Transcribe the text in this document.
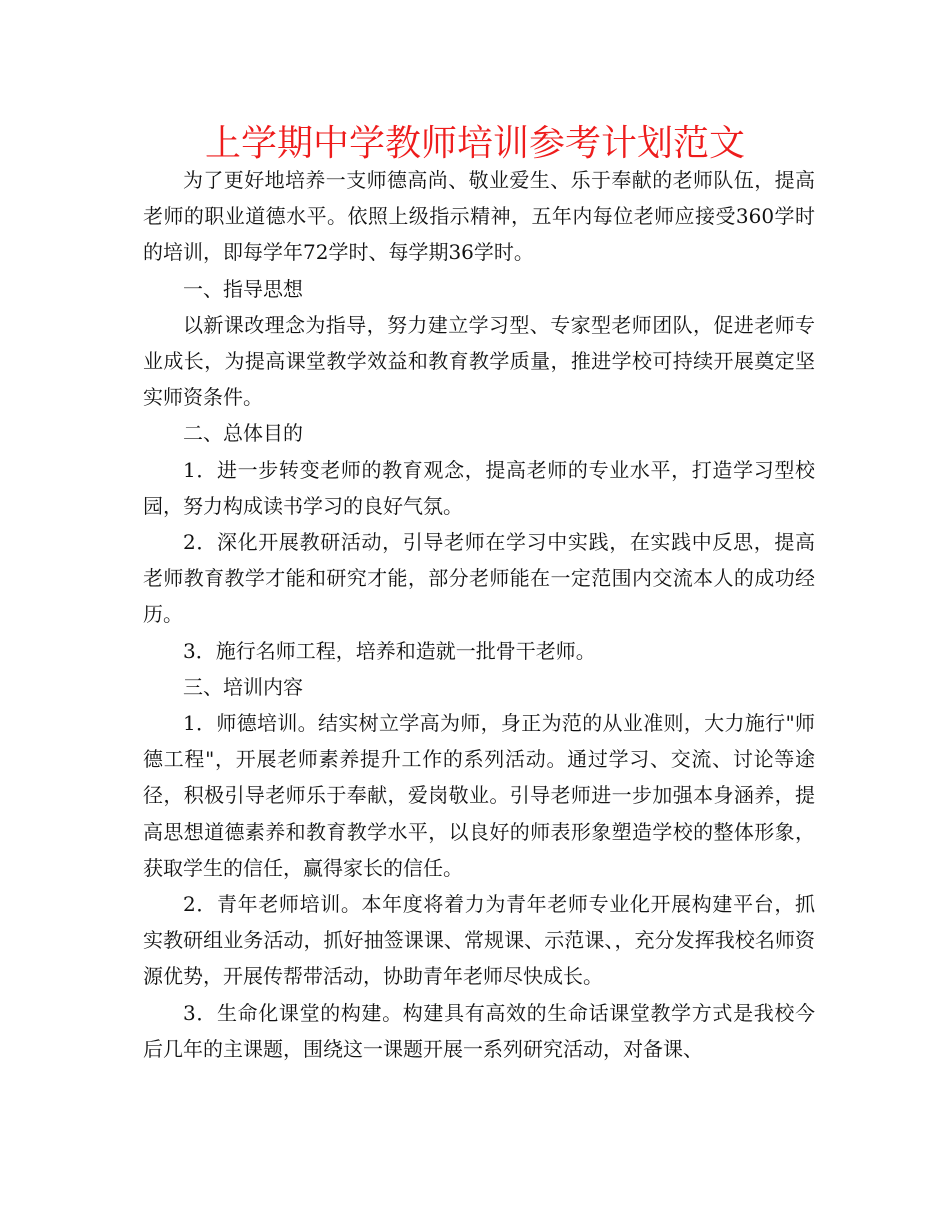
上学期中学教师培训参考计划范文

为了更好地培养一支师德高尚、敬业爱生、乐于奉献的老师队伍，提高老师的职业道德水平。依照上级指示精神，五年内每位老师应接受360学时的培训，即每学年72学时、每学期36学时。

一、指导思想

以新课改理念为指导，努力建立学习型、专家型老师团队，促进老师专业成长，为提高课堂教学效益和教育教学质量，推进学校可持续开展奠定坚实师资条件。

二、总体目的

1．进一步转变老师的教育观念，提高老师的专业水平，打造学习型校园，努力构成读书学习的良好气氛。

2．深化开展教研活动，引导老师在学习中实践，在实践中反思，提高老师教育教学才能和研究才能，部分老师能在一定范围内交流本人的成功经历。

3．施行名师工程，培养和造就一批骨干老师。

三、培训内容

1．师德培训。结实树立学高为师，身正为范的从业准则，大力施行"师德工程"，开展老师素养提升工作的系列活动。通过学习、交流、讨论等途径，积极引导老师乐于奉献，爱岗敬业。引导老师进一步加强本身涵养，提高思想道德素养和教育教学水平，以良好的师表形象塑造学校的整体形象，获取学生的信任，赢得家长的信任。

2．青年老师培训。本年度将着力为青年老师专业化开展构建平台，抓实教研组业务活动，抓好抽签课课、常规课、示范课、，充分发挥我校名师资源优势，开展传帮带活动，协助青年老师尽快成长。

3．生命化课堂的构建。构建具有高效的生命话课堂教学方式是我校今后几年的主课题，围绕这一课题开展一系列研究活动，对备课、
